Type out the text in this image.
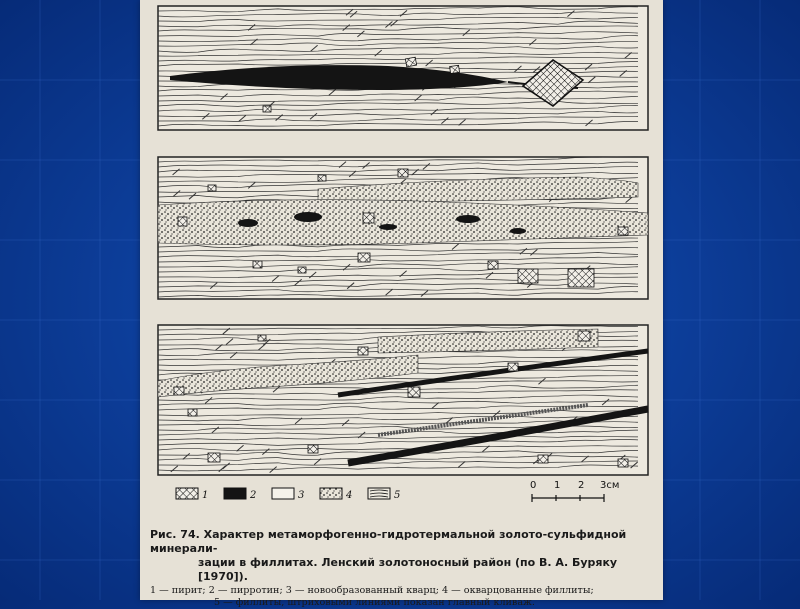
1	2	3	4	5
0 1 2 3см
Рис. 74. Характер метаморфогенно-гидротермальной золото-сульфидной минерали-
зации в филлитах. Ленский золотоносный район (по В. А. Буряку [1970]).
1 — пирит; 2 — пирротин; 3 — новообразованный кварц; 4 — окварцованные филлиты;
5 — филлиты, штриховыми линиями показан главный кливаж.
